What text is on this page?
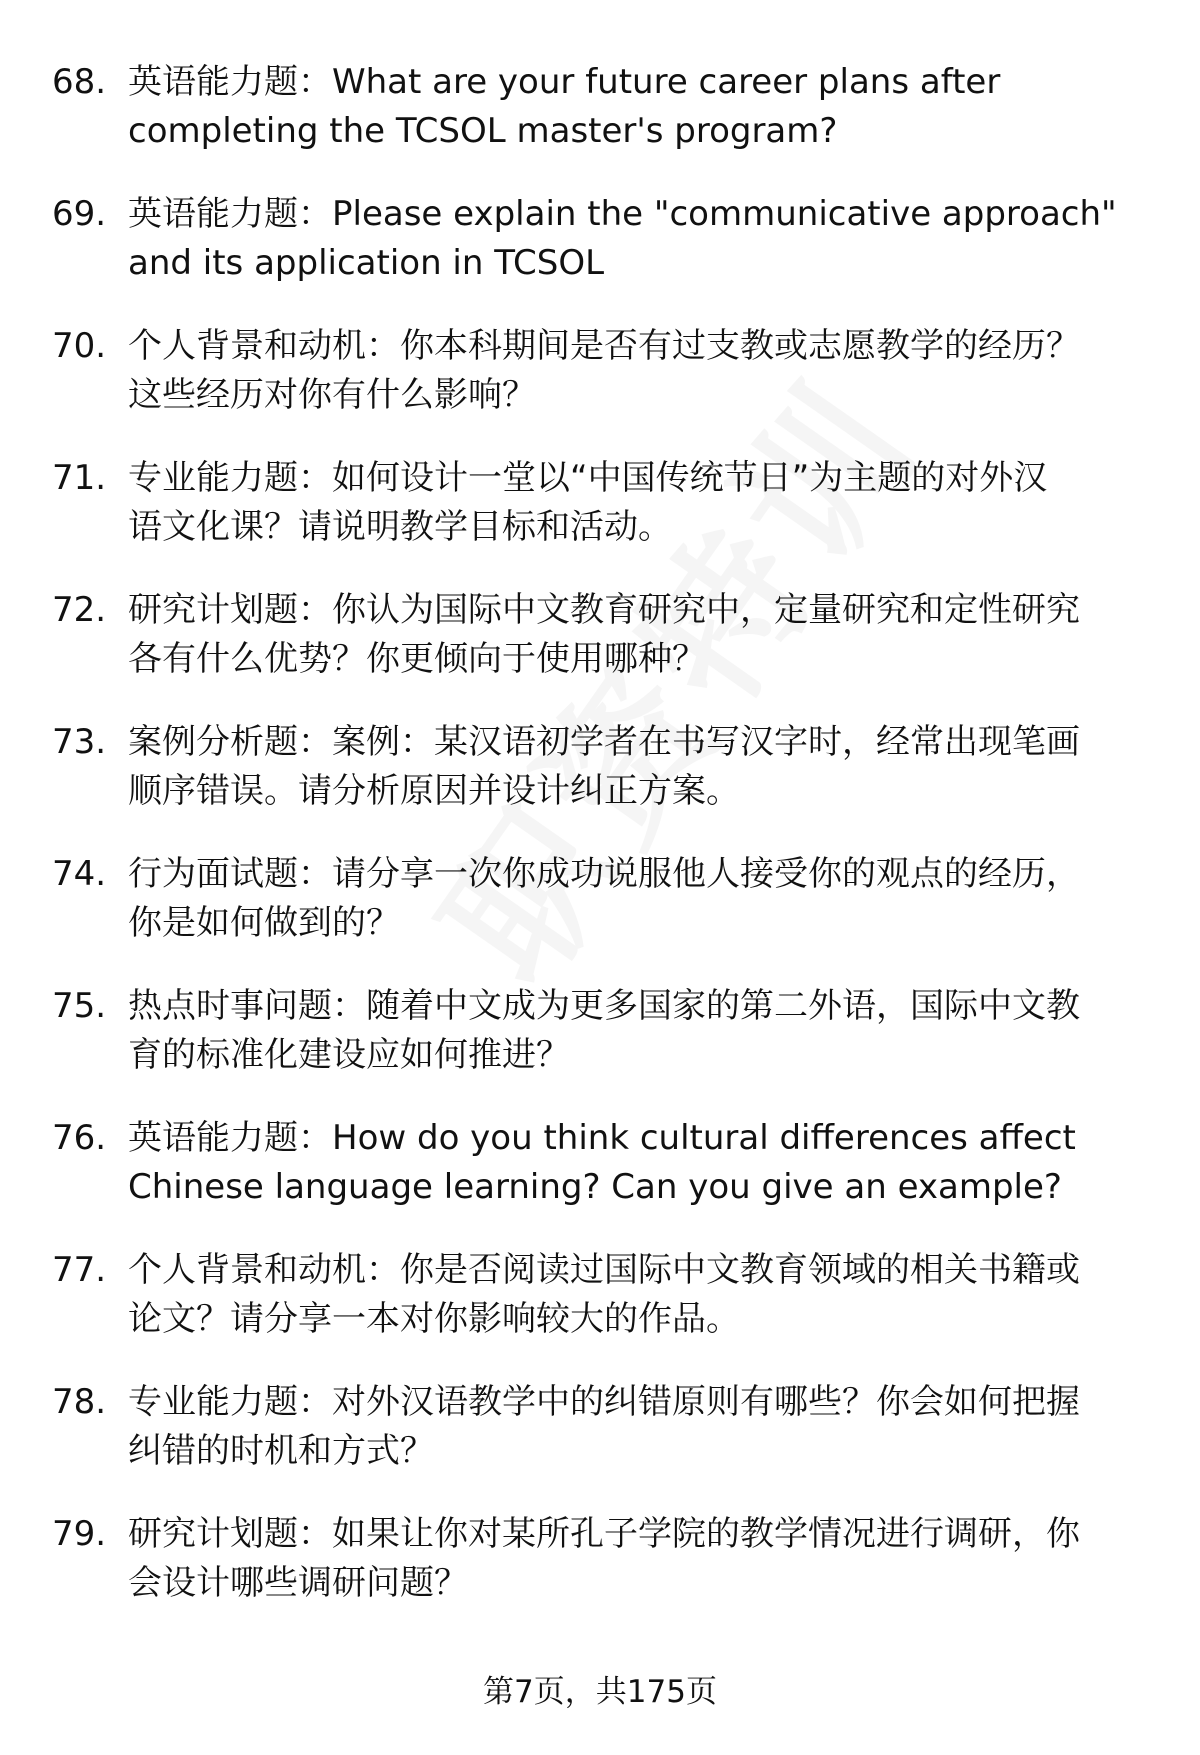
68. 英语能力题：What are your future career plans after
completing the TCSOL master's program?
69. 英语能力题：Please explain the "communicative approach"
and its application in TCSOL
70. 个人背景和动机：你本科期间是否有过支教或志愿教学的经历？
这些经历对你有什么影响？
71. 专业能力题：如何设计一堂以“中国传统节日”为主题的对外汉
语文化课？请说明教学目标和活动。
72. 研究计划题：你认为国际中文教育研究中，定量研究和定性研究
各有什么优势？你更倾向于使用哪种？
73. 案例分析题：案例：某汉语初学者在书写汉字时，经常出现笔画
顺序错误。请分析原因并设计纠正方案。
74. 行为面试题：请分享一次你成功说服他人接受你的观点的经历，
你是如何做到的？
75. 热点时事问题：随着中文成为更多国家的第二外语，国际中文教
育的标准化建设应如何推进？
76. 英语能力题：How do you think cultural differences affect
Chinese language learning? Can you give an example?
77. 个人背景和动机：你是否阅读过国际中文教育领域的相关书籍或
论文？请分享一本对你影响较大的作品。
78. 专业能力题：对外汉语教学中的纠错原则有哪些？你会如何把握
纠错的时机和方式？
79. 研究计划题：如果让你对某所孔子学院的教学情况进行调研，你
会设计哪些调研问题？
第7页，共175页
